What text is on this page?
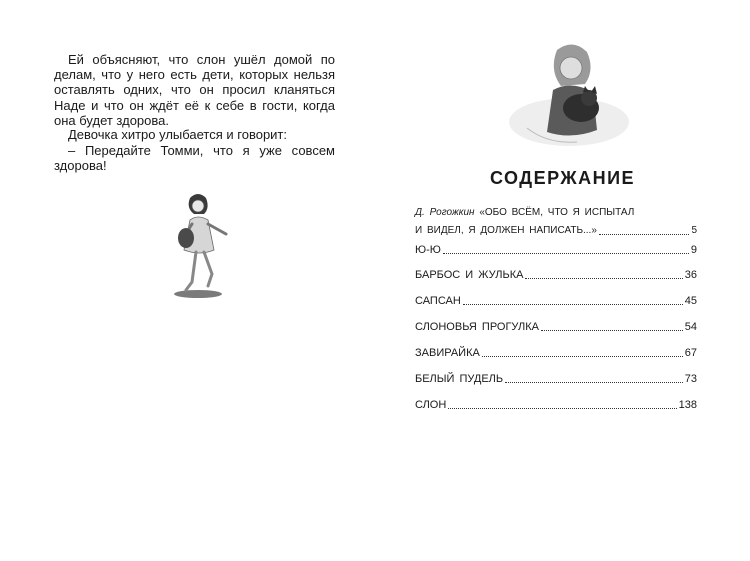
Ей объясняют, что слон ушёл домой по делам, что у него есть дети, которых нельзя оставлять одних, что он просил кланяться Наде и что он ждёт её к себе в гости, когда она будет здорова.

Девочка хитро улыбается и говорит:

– Передайте Томми, что я уже совсем здорова!

СОДЕРЖАНИЕ
Д. Рогожкин «ОБО ВСЁМ, ЧТО Я ИСПЫТАЛ
И ВИДЕЛ, Я ДОЛЖЕН НАПИСАТЬ...»	5
Ю-Ю	9
БАРБОС И ЖУЛЬКА	36
САПСАН	45
СЛОНОВЬЯ ПРОГУЛКА	54
ЗАВИРАЙКА	67
БЕЛЫЙ ПУДЕЛЬ	73
СЛОН	138
